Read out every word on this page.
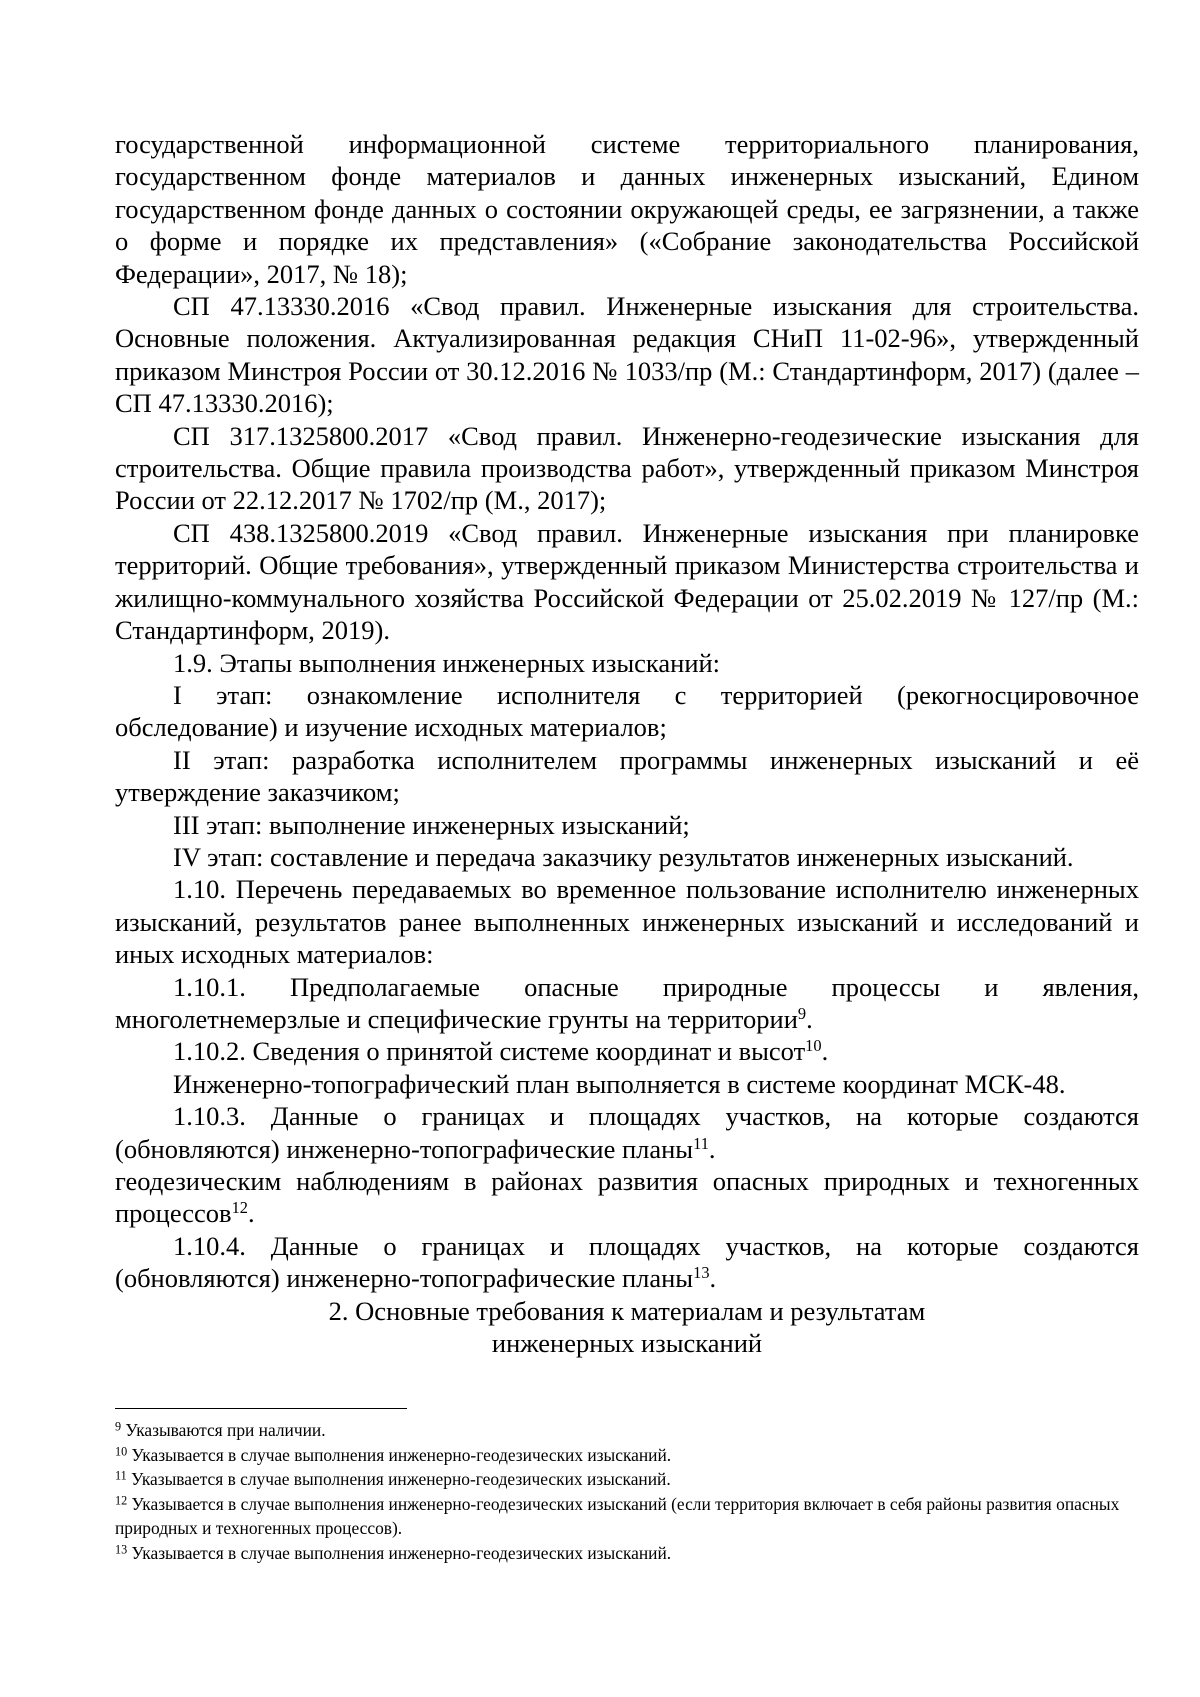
государственной информационной системе территориального планирования, государственном фонде материалов и данных инженерных изысканий, Едином государственном фонде данных о состоянии окружающей среды, ее загрязнении, а также о форме и порядке их представления» («Собрание законодательства Российской Федерации», 2017, № 18);

СП 47.13330.2016 «Свод правил. Инженерные изыскания для строительства. Основные положения. Актуализированная редакция СНиП 11-02-96», утвержденный приказом Минстроя России от 30.12.2016 № 1033/пр (М.: Стандартинформ, 2017) (далее – СП 47.13330.2016);

СП 317.1325800.2017 «Свод правил. Инженерно-геодезические изыскания для строительства. Общие правила производства работ», утвержденный приказом Минстроя России от 22.12.2017 № 1702/пр (М., 2017);

СП 438.1325800.2019 «Свод правил. Инженерные изыскания при планировке территорий. Общие требования», утвержденный приказом Министерства строительства и жилищно-коммунального хозяйства Российской Федерации от 25.02.2019 № 127/пр (М.: Стандартинформ, 2019).

1.9. Этапы выполнения инженерных изысканий:

I этап: ознакомление исполнителя с территорией (рекогносцировочное обследование) и изучение исходных материалов;

II этап: разработка исполнителем программы инженерных изысканий и её утверждение заказчиком;

III этап: выполнение инженерных изысканий;

IV этап: составление и передача заказчику результатов инженерных изысканий.

1.10. Перечень передаваемых во временное пользование исполнителю инженерных изысканий, результатов ранее выполненных инженерных изысканий и исследований и иных исходных материалов:

1.10.1. Предполагаемые опасные природные процессы и явления, многолетнемерзлые и специфические грунты на территории$^9$.

1.10.2. Сведения о принятой системе координат и высот$^{10}$.

Инженерно-топографический план выполняется в системе координат МСК-48.

1.10.3. Данные о границах и площадях участков, на которые создаются (обновляются) инженерно-топографические планы$^{11}$.

геодезическим наблюдениям в районах развития опасных природных и техногенных процессов$^{12}$.

1.10.4. Данные о границах и площадях участков, на которые создаются (обновляются) инженерно-топографические планы$^{13}$.

2. Основные требования к материалам и результатам
инженерных изысканий

$^9$ Указываются при наличии.

$^{10}$ Указывается в случае выполнения инженерно-геодезических изысканий.

$^{11}$ Указывается в случае выполнения инженерно-геодезических изысканий.

$^{12}$ Указывается в случае выполнения инженерно-геодезических изысканий (если территория включает в себя районы развития опасных природных и техногенных процессов).

$^{13}$ Указывается в случае выполнения инженерно-геодезических изысканий.
